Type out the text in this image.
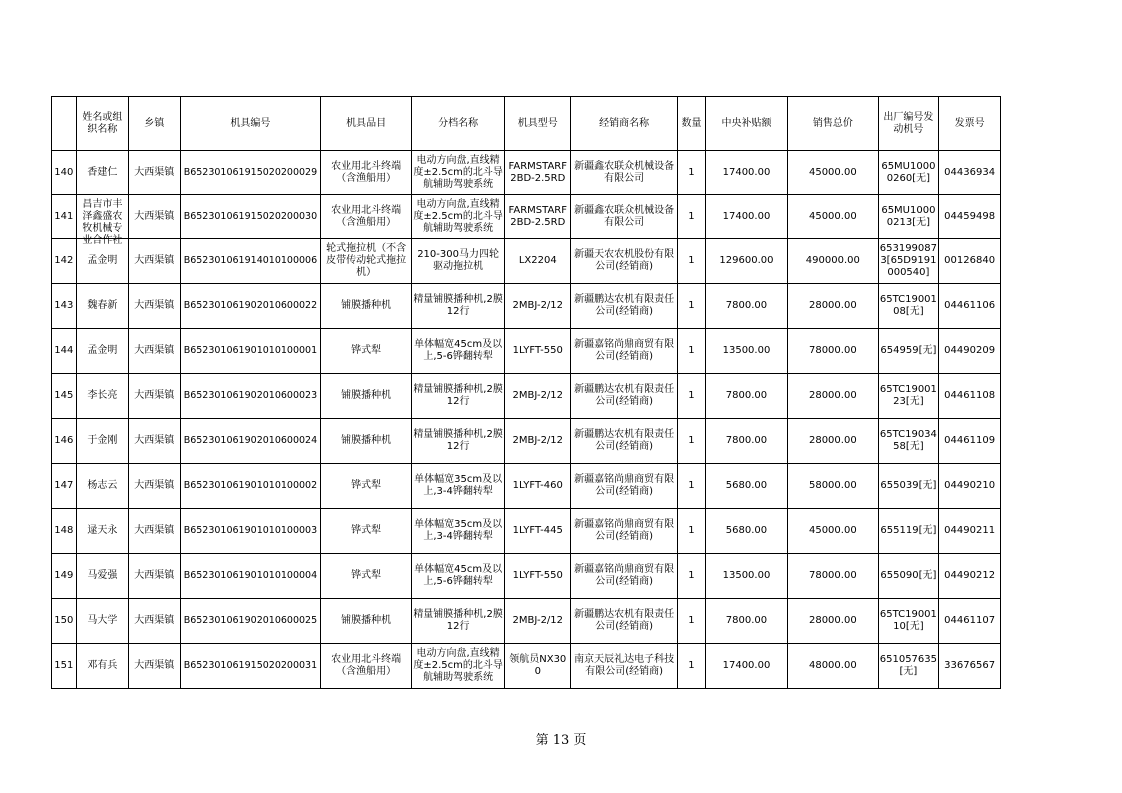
	姓名或组织名称	乡镇	机具编号	机具品目	分档名称	机具型号	经销商名称	数量	中央补贴额	销售总价	出厂编号发动机号	发票号

140	香建仁	大西渠镇	B652301061915020200029	农业用北斗终端（含渔船用）	电动方向盘,直线精度±2.5cm的北斗导航辅助驾驶系统	FARMSTARF2BD-2.5RD	新疆鑫农联众机械设备有限公司	1	17400.00	45000.00	65MU10000260[无]	04436934

141	昌吉市丰泽鑫盛农牧机械专业合作社	大西渠镇	B652301061915020200030	农业用北斗终端（含渔船用）	电动方向盘,直线精度±2.5cm的北斗导航辅助驾驶系统	FARMSTARF2BD-2.5RD	新疆鑫农联众机械设备有限公司	1	17400.00	45000.00	65MU10000213[无]	04459498

142	孟金明	大西渠镇	B652301061914010100006	轮式拖拉机（不含皮带传动轮式拖拉机）	210-300马力四轮驱动拖拉机	LX2204	新疆天农农机股份有限公司(经销商)	1	129600.00	490000.00	6531990873[65D9191000540]	00126840

143	魏春新	大西渠镇	B652301061902010600022	铺膜播种机	精量铺膜播种机,2膜12行	2MBJ-2/12	新疆鹏达农机有限责任公司(经销商)	1	7800.00	28000.00	65TC1900108[无]	04461106

144	孟金明	大西渠镇	B652301061901010100001	铧式犁	单体幅宽45cm及以上,5-6铧翻转犁	1LYFT-550	新疆嘉铭尚鼎商贸有限公司(经销商)	1	13500.00	78000.00	654959[无]	04490209

145	李长亮	大西渠镇	B652301061902010600023	铺膜播种机	精量铺膜播种机,2膜12行	2MBJ-2/12	新疆鹏达农机有限责任公司(经销商)	1	7800.00	28000.00	65TC1900123[无]	04461108

146	于金刚	大西渠镇	B652301061902010600024	铺膜播种机	精量铺膜播种机,2膜12行	2MBJ-2/12	新疆鹏达农机有限责任公司(经销商)	1	7800.00	28000.00	65TC1903458[无]	04461109

147	杨志云	大西渠镇	B652301061901010100002	铧式犁	单体幅宽35cm及以上,3-4铧翻转犁	1LYFT-460	新疆嘉铭尚鼎商贸有限公司(经销商)	1	5680.00	58000.00	655039[无]	04490210

148	逯天永	大西渠镇	B652301061901010100003	铧式犁	单体幅宽35cm及以上,3-4铧翻转犁	1LYFT-445	新疆嘉铭尚鼎商贸有限公司(经销商)	1	5680.00	45000.00	655119[无]	04490211

149	马爱强	大西渠镇	B652301061901010100004	铧式犁	单体幅宽45cm及以上,5-6铧翻转犁	1LYFT-550	新疆嘉铭尚鼎商贸有限公司(经销商)	1	13500.00	78000.00	655090[无]	04490212

150	马大学	大西渠镇	B652301061902010600025	铺膜播种机	精量铺膜播种机,2膜12行	2MBJ-2/12	新疆鹏达农机有限责任公司(经销商)	1	7800.00	28000.00	65TC1900110[无]	04461107

151	邓有兵	大西渠镇	B652301061915020200031	农业用北斗终端（含渔船用）	电动方向盘,直线精度±2.5cm的北斗导航辅助驾驶系统	领航员NX300	南京天辰礼达电子科技有限公司(经销商)	1	17400.00	48000.00	651057635[无]	33676567
第 13 页
